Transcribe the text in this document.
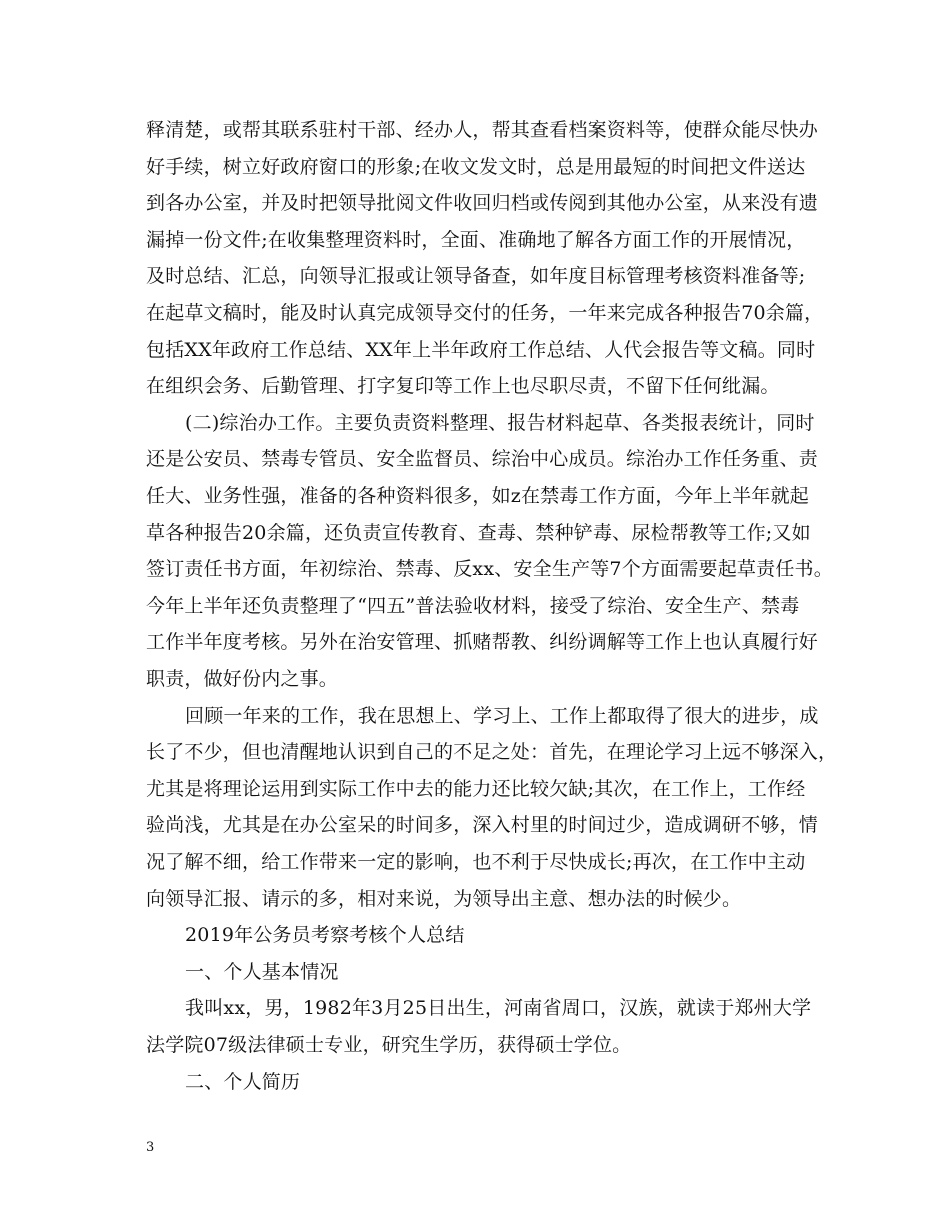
释清楚，或帮其联系驻村干部、经办人，帮其查看档案资料等，使群众能尽快办
好手续，树立好政府窗口的形象;在收文发文时，总是用最短的时间把文件送达
到各办公室，并及时把领导批阅文件收回归档或传阅到其他办公室，从来没有遗
漏掉一份文件;在收集整理资料时，全面、准确地了解各方面工作的开展情况，
及时总结、汇总，向领导汇报或让领导备查，如年度目标管理考核资料准备等;
在起草文稿时，能及时认真完成领导交付的任务，一年来完成各种报告70余篇，
包括XX年政府工作总结、XX年上半年政府工作总结、人代会报告等文稿。同时
在组织会务、后勤管理、打字复印等工作上也尽职尽责，不留下任何纰漏。
(二)综治办工作。主要负责资料整理、报告材料起草、各类报表统计，同时
还是公安员、禁毒专管员、安全监督员、综治中心成员。综治办工作任务重、责
任大、业务性强，准备的各种资料很多，如z在禁毒工作方面，今年上半年就起
草各种报告20余篇，还负责宣传教育、查毒、禁种铲毒、尿检帮教等工作;又如
签订责任书方面，年初综治、禁毒、反xx、安全生产等7个方面需要起草责任书。
今年上半年还负责整理了“四五”普法验收材料，接受了综治、安全生产、禁毒
工作半年度考核。另外在治安管理、抓赌帮教、纠纷调解等工作上也认真履行好
职责，做好份内之事。
回顾一年来的工作，我在思想上、学习上、工作上都取得了很大的进步，成
长了不少，但也清醒地认识到自己的不足之处：首先，在理论学习上远不够深入，
尤其是将理论运用到实际工作中去的能力还比较欠缺;其次，在工作上，工作经
验尚浅，尤其是在办公室呆的时间多，深入村里的时间过少，造成调研不够，情
况了解不细，给工作带来一定的影响，也不利于尽快成长;再次，在工作中主动
向领导汇报、请示的多，相对来说，为领导出主意、想办法的时候少。
2019年公务员考察考核个人总结
一、个人基本情况
我叫xx，男，1982年3月25日出生，河南省周口，汉族，就读于郑州大学
法学院07级法律硕士专业，研究生学历，获得硕士学位。
二、个人简历
3
